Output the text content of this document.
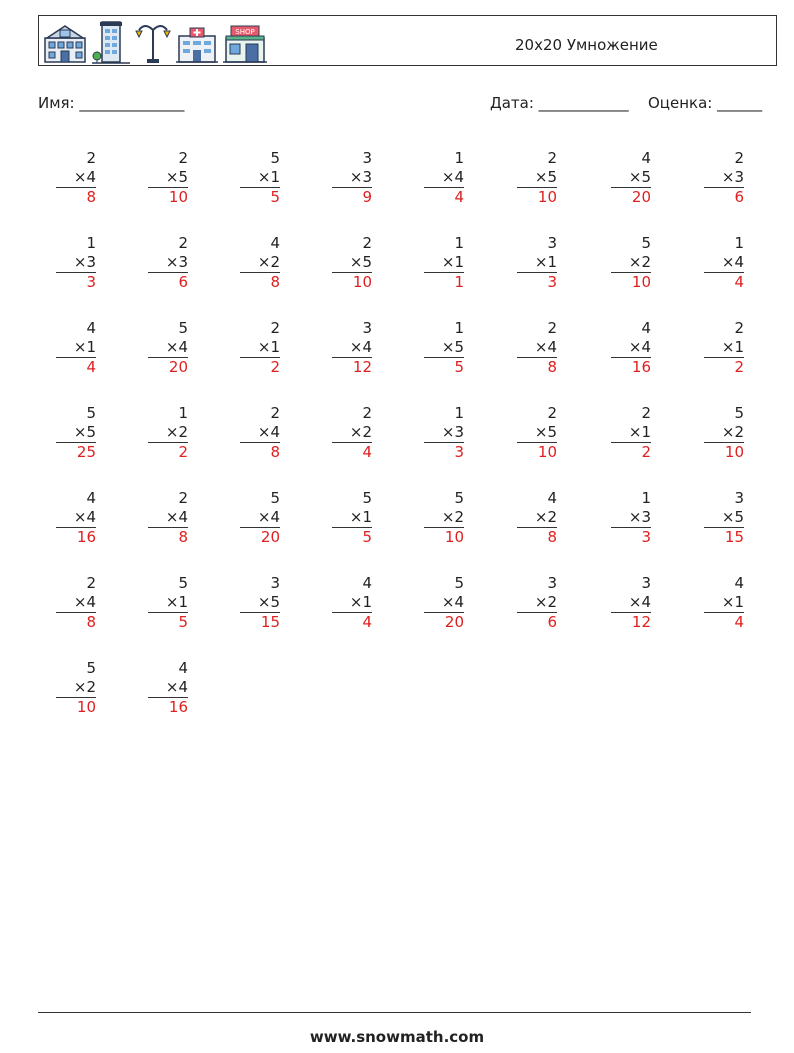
SHOP
20x20 Умножение
Имя: ______________	Дата: ____________ Оценка: ______
2
×4
8
2
×5
10
5
×1
5
3
×3
9
1
×4
4
2
×5
10
4
×5
20
2
×3
6
1
×3
3
2
×3
6
4
×2
8
2
×5
10
1
×1
1
3
×1
3
5
×2
10
1
×4
4
4
×1
4
5
×4
20
2
×1
2
3
×4
12
1
×5
5
2
×4
8
4
×4
16
2
×1
2
5
×5
25
1
×2
2
2
×4
8
2
×2
4
1
×3
3
2
×5
10
2
×1
2
5
×2
10
4
×4
16
2
×4
8
5
×4
20
5
×1
5
5
×2
10
4
×2
8
1
×3
3
3
×5
15
2
×4
8
5
×1
5
3
×5
15
4
×1
4
5
×4
20
3
×2
6
3
×4
12
4
×1
4
5
×2
10
4
×4
16
www.snowmath.com
